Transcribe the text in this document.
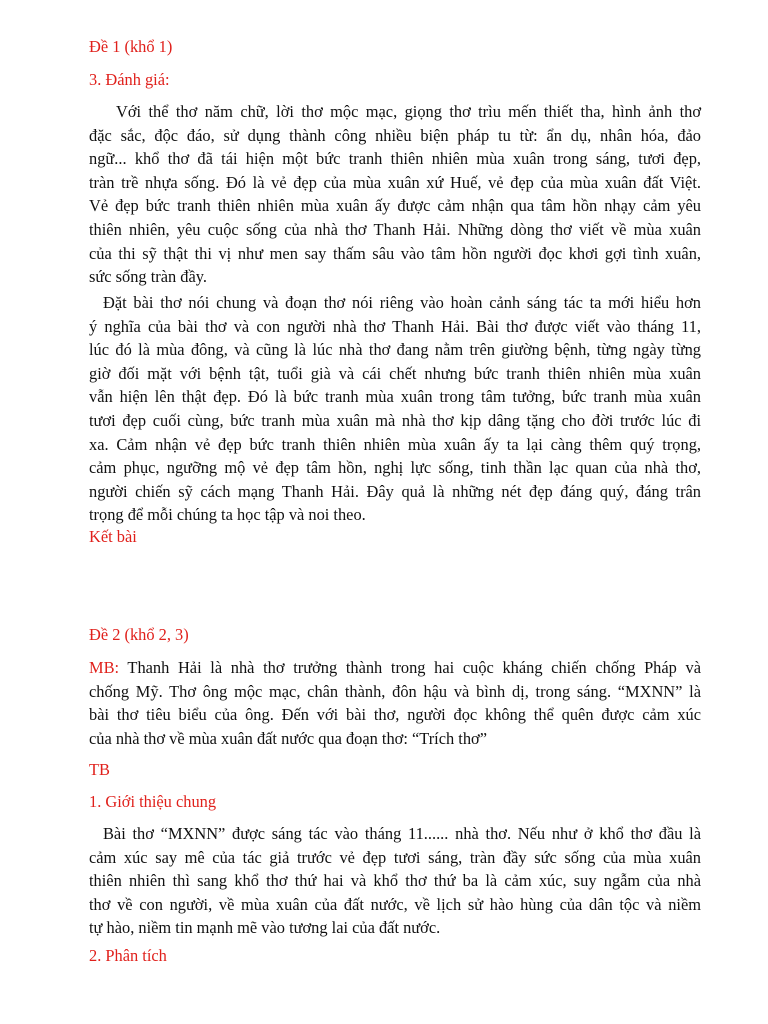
Đề 1 (khổ 1)
3. Đánh giá:
Với thể thơ năm chữ, lời thơ mộc mạc, giọng thơ trìu mến thiết tha, hình ảnh thơ
đặc sắc, độc đáo, sử dụng thành công nhiều biện pháp tu từ: ẩn dụ, nhân hóa, đảo
ngữ... khổ thơ đã tái hiện một bức tranh thiên nhiên mùa xuân trong sáng, tươi đẹp,
tràn trề nhựa sống. Đó là vẻ đẹp của mùa xuân xứ Huế, vẻ đẹp của mùa xuân đất Việt.
Vẻ đẹp bức tranh thiên nhiên mùa xuân ấy được cảm nhận qua tâm hồn nhạy cảm yêu
thiên nhiên, yêu cuộc sống của nhà thơ Thanh Hải. Những dòng thơ viết về mùa xuân
của thi sỹ thật thi vị như men say thấm sâu vào tâm hồn người đọc khơi gợi tình xuân,
sức sống tràn đầy.
Đặt bài thơ nói chung và đoạn thơ nói riêng vào hoàn cảnh sáng tác ta mới hiểu hơn
ý nghĩa của bài thơ và con người nhà thơ Thanh Hải. Bài thơ được viết vào tháng 11,
lúc đó là mùa đông, và cũng là lúc nhà thơ đang nằm trên giường bệnh, từng ngày từng
giờ đối mặt với bệnh tật, tuổi già và cái chết nhưng bức tranh thiên nhiên mùa xuân
vẫn hiện lên thật đẹp. Đó là bức tranh mùa xuân trong tâm tưởng, bức tranh mùa xuân
tươi đẹp cuối cùng, bức tranh mùa xuân mà nhà thơ kịp dâng tặng cho đời trước lúc đi
xa. Cảm nhận vẻ đẹp bức tranh thiên nhiên mùa xuân ấy ta lại càng thêm quý trọng,
cảm phục, ngưỡng mộ vẻ đẹp tâm hồn, nghị lực sống, tinh thần lạc quan của nhà thơ,
người chiến sỹ cách mạng Thanh Hải. Đây quả là những nét đẹp đáng quý, đáng trân
trọng để mỗi chúng ta học tập và noi theo.
Kết bài
Đề 2 (khổ 2, 3)
MB: Thanh Hải là nhà thơ trưởng thành trong hai cuộc kháng chiến chống Pháp và
chống Mỹ. Thơ ông mộc mạc, chân thành, đôn hậu và bình dị, trong sáng. “MXNN” là
bài thơ tiêu biểu của ông. Đến với bài thơ, người đọc không thể quên được cảm xúc
của nhà thơ về mùa xuân đất nước qua đoạn thơ: “Trích thơ”
TB
1. Giới thiệu chung
Bài thơ “MXNN” được sáng tác vào tháng 11...... nhà thơ. Nếu như ở khổ thơ đầu là
cảm xúc say mê của tác giả trước vẻ đẹp tươi sáng, tràn đầy sức sống của mùa xuân
thiên nhiên thì sang khổ thơ thứ hai và khổ thơ thứ ba là cảm xúc, suy ngẫm của nhà
thơ về con người, về mùa xuân của đất nước, về lịch sử hào hùng của dân tộc và niềm
tự hào, niềm tin mạnh mẽ vào tương lai của đất nước.
2. Phân tích
